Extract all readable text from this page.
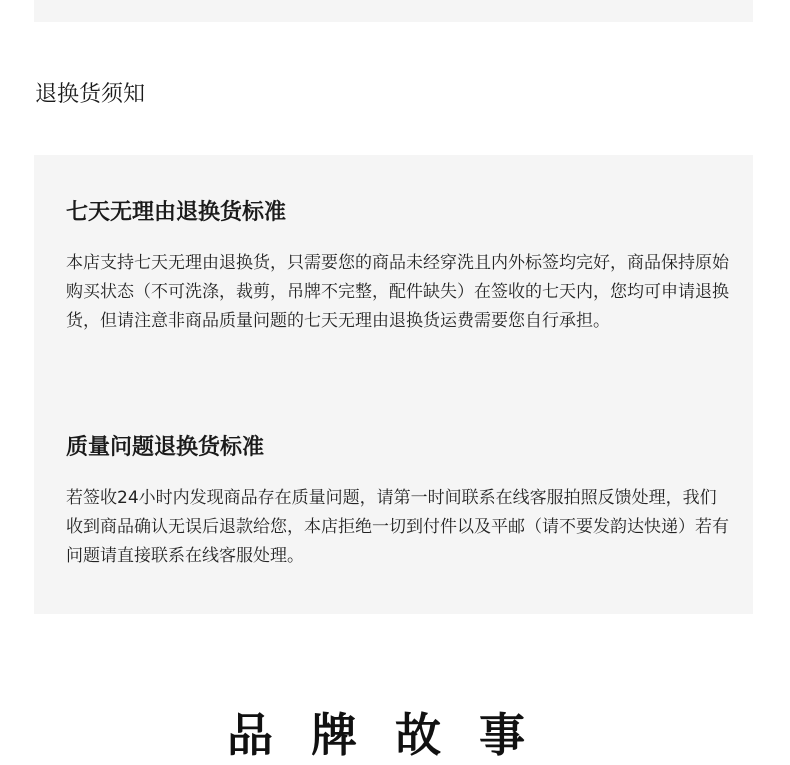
退换货须知
七天无理由退换货标准

本店支持七天无理由退换货，只需要您的商品未经穿洗且内外标签均完好，商品保持原始购买状态（不可洗涤，裁剪，吊牌不完整，配件缺失）在签收的七天内，您均可申请退换货，但请注意非商品质量问题的七天无理由退换货运费需要您自行承担。

质量问题退换货标准

若签收24小时内发现商品存在质量问题，请第一时间联系在线客服拍照反馈处理，我们收到商品确认无误后退款给您，本店拒绝一切到付件以及平邮（请不要发韵达快递）若有问题请直接联系在线客服处理。

品牌故事
